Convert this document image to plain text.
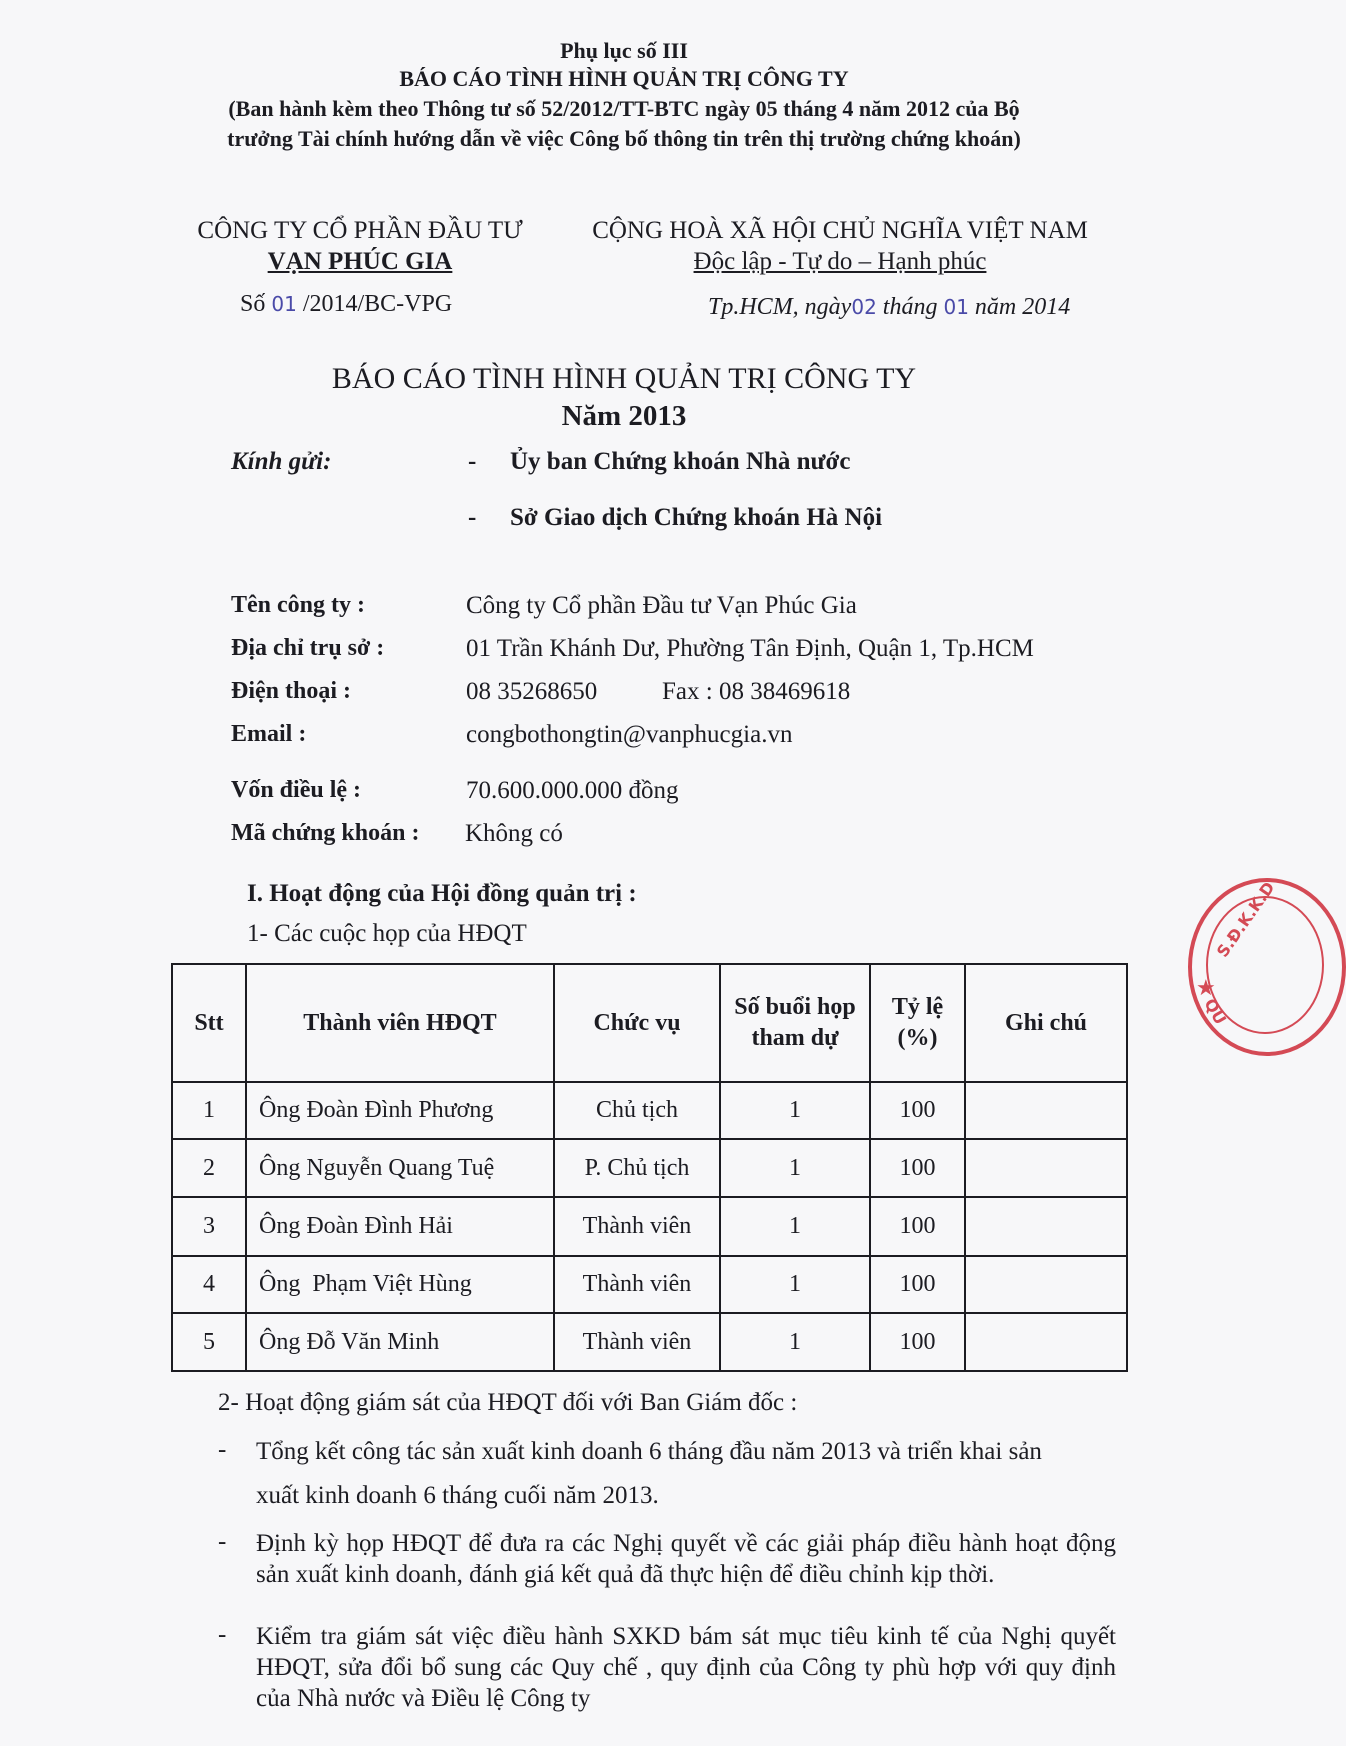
Phụ lục số III
BÁO CÁO TÌNH HÌNH QUẢN TRỊ CÔNG TY
(Ban hành kèm theo Thông tư số 52/2012/TT-BTC ngày 05 tháng 4 năm 2012 của Bộ
trưởng Tài chính hướng dẫn về việc Công bố thông tin trên thị trường chứng khoán)
CÔNG TY CỔ PHẦN ĐẦU TƯ
VẠN PHÚC GIA
Số 01 /2014/BC-VPG
CỘNG HOÀ XÃ HỘI CHỦ NGHĨA VIỆT NAM
Độc lập - Tự do – Hạnh phúc
Tp.HCM, ngày02 tháng 01 năm 2014
BÁO CÁO TÌNH HÌNH QUẢN TRỊ CÔNG TY
Năm 2013
Kính gửi:	- Ủy ban Chứng khoán Nhà nước
- Sở Giao dịch Chứng khoán Hà Nội
Tên công ty :	Công ty Cổ phần Đầu tư Vạn Phúc Gia
Địa chỉ trụ sở :	01 Trần Khánh Dư, Phường Tân Định, Quận 1, Tp.HCM
Điện thoại :	08 35268650	Fax : 08 38469618
Email :	congbothongtin@vanphucgia.vn
Vốn điều lệ :	70.600.000.000 đồng
Mã chứng khoán : Không có
I. Hoạt động của Hội đồng quản trị :
1- Các cuộc họp của HĐQT
Stt	Thành viên HĐQT	Chức vụ	Số buổi họp tham dự	Tỷ lệ (%)	Ghi chú
1	Ông Đoàn Đình Phương	Chủ tịch	1	100	
2	Ông Nguyễn Quang Tuệ	P. Chủ tịch	1	100	
3	Ông Đoàn Đình Hải	Thành viên	1	100	
4	Ông  Phạm Việt Hùng	Thành viên	1	100	
5	Ông Đỗ Văn Minh	Thành viên	1	100	
2- Hoạt động giám sát của HĐQT đối với Ban Giám đốc :
- Tổng kết công tác sản xuất kinh doanh 6 tháng đầu năm 2013 và triển khai sản
xuất kinh doanh 6 tháng cuối năm 2013.
- Định kỳ họp HĐQT để đưa ra các Nghị quyết về các giải pháp điều hành hoạt động sản xuất kinh doanh, đánh giá kết quả đã thực hiện để điều chỉnh kịp thời.
- Kiểm tra giám sát việc điều hành SXKD bám sát mục tiêu kinh tế của Nghị quyết HĐQT, sửa đổi bổ sung các Quy chế , quy định của Công ty phù hợp với quy định của Nhà nước và Điều lệ Công ty
S.Đ.K.K.D
★
QU
